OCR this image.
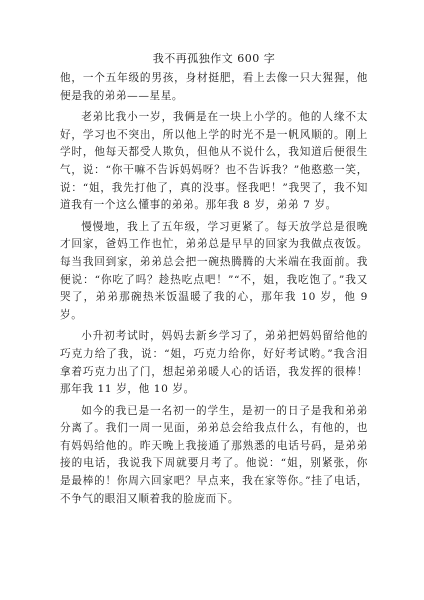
我不再孤独作文 600 字

他，一个五年级的男孩，身材挺肥，看上去像一只大猩猩，他便是我的弟弟——星星。

老弟比我小一岁，我俩是在一块上小学的。他的人缘不太好，学习也不突出，所以他上学的时光不是一帆风顺的。刚上学时，他每天都受人欺负，但他从不说什么，我知道后便很生气，说：“你干嘛不告诉妈妈呀？也不告诉我？”他憨憨一笑，说：“姐，我先打他了，真的没事。怪我吧！”我哭了，我不知道我有一个这么懂事的弟弟。那年我 8 岁，弟弟 7 岁。

慢慢地，我上了五年级，学习更紧了。每天放学总是很晚才回家，爸妈工作也忙，弟弟总是早早的回家为我做点夜饭。每当我回到家，弟弟总会把一碗热腾腾的大米端在我面前。我便说：“你吃了吗？趁热吃点吧！”“不，姐，我吃饱了。”我又哭了，弟弟那碗热米饭温暖了我的心，那年我 10 岁，他 9 岁。

小升初考试时，妈妈去新乡学习了，弟弟把妈妈留给他的巧克力给了我，说：“姐，巧克力给你，好好考试哟。”我含泪拿着巧克力出了门，想起弟弟暖人心的话语，我发挥的很棒！那年我 11 岁，他 10 岁。

如今的我已是一名初一的学生，是初一的日子是我和弟弟分离了。我们一周一见面，弟弟总会给我点什么，有他的，也有妈妈给他的。昨天晚上我接通了那熟悉的电话号码，是弟弟接的电话，我说我下周就要月考了。他说：“姐，别紧张，你是最棒的！你周六回家吧？早点来，我在家等你。”挂了电话，不争气的眼泪又顺着我的脸庞而下。
